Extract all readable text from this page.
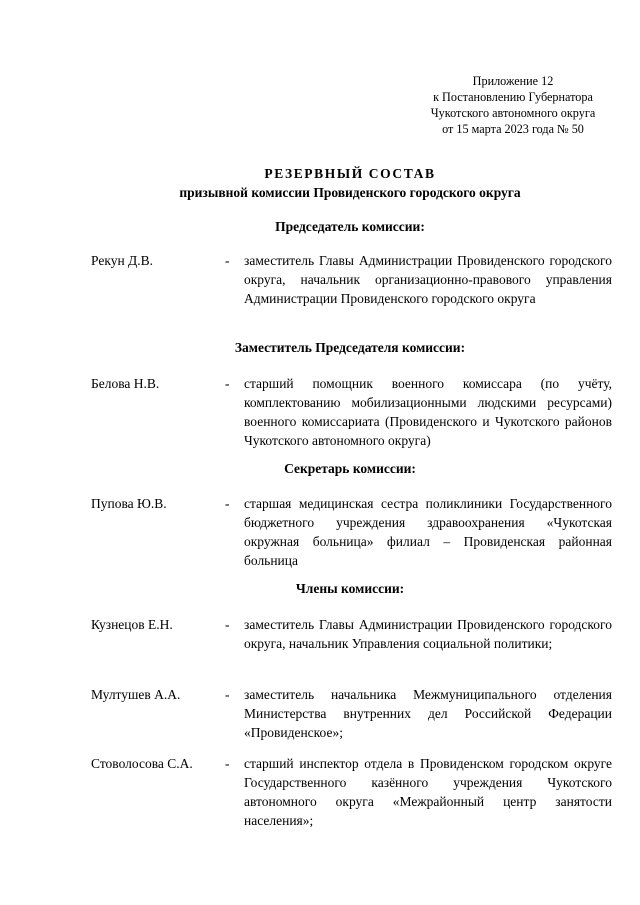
Приложение 12
к Постановлению Губернатора
Чукотского автономного округа
от 15 марта 2023 года № 50
РЕЗЕРВНЫЙ СОСТАВ
призывной комиссии Провиденского городского округа
Председатель комиссии:
Рекун Д.В.	- заместитель Главы Администрации Провиденского городского округа, начальник организационно-правового управления Администрации Провиденского городского округа
Заместитель Председателя комиссии:
Белова Н.В.	- старший помощник военного комиссара (по учёту, комплектованию мобилизационными людскими ресурсами) военного комиссариата (Провиденского и Чукотского районов Чукотского автономного округа)
Секретарь комиссии:
Пупова Ю.В.	- старшая медицинская сестра поликлиники Государственного бюджетного учреждения здравоохранения «Чукотская окружная больница» филиал – Провиденская районная больница
Члены комиссии:
Кузнецов Е.Н.	- заместитель Главы Администрации Провиденского городского округа, начальник Управления социальной политики;
Мултушев А.А.	- заместитель начальника Межмуниципального отделения Министерства внутренних дел Российской Федерации «Провиденское»;
Стоволосова С.А. - старший инспектор отдела в Провиденском городском округе Государственного казённого учреждения Чукотского автономного округа «Межрайонный центр занятости населения»;
